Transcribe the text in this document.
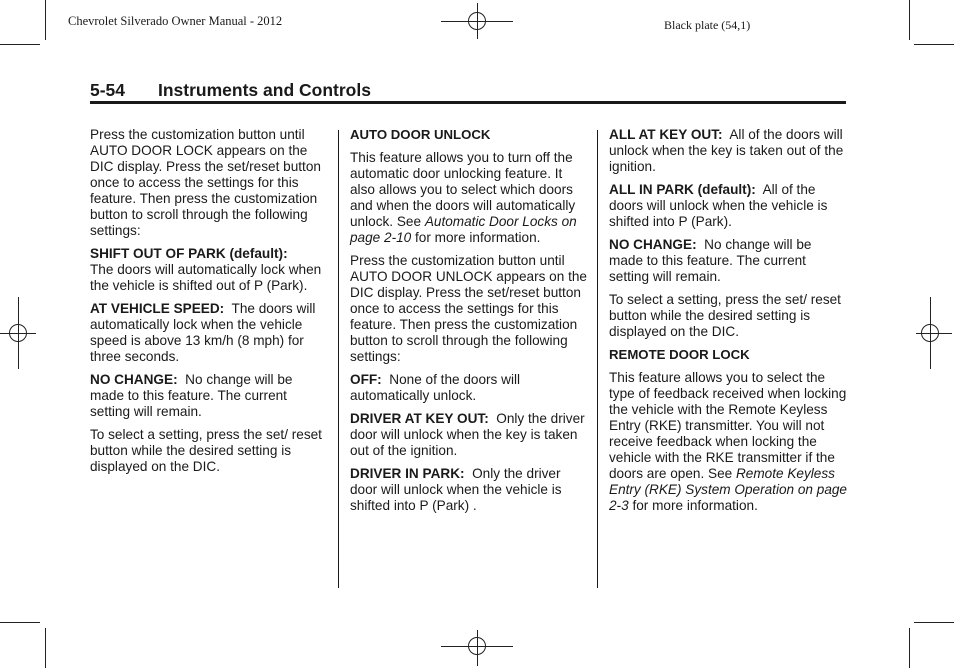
Chevrolet Silverado Owner Manual - 2012	Black plate (54,1)
5-54 Instruments and Controls

Press the customization button until AUTO DOOR LOCK appears on the DIC display. Press the set/reset button once to access the settings for this feature. Then press the customization button to scroll through the following settings:

SHIFT OUT OF PARK (default):
The doors will automatically lock when the vehicle is shifted out of P (Park).

AT VEHICLE SPEED: The doors will automatically lock when the vehicle speed is above 13 km/h (8 mph) for three seconds.

NO CHANGE: No change will be made to this feature. The current setting will remain.

To select a setting, press the set/ reset button while the desired setting is displayed on the DIC.

AUTO DOOR UNLOCK

This feature allows you to turn off the automatic door unlocking feature. It also allows you to select which doors and when the doors will automatically unlock. See Automatic Door Locks on page 2-10 for more information.

Press the customization button until AUTO DOOR UNLOCK appears on the DIC display. Press the set/reset button once to access the settings for this feature. Then press the customization button to scroll through the following settings:

OFF: None of the doors will automatically unlock.

DRIVER AT KEY OUT: Only the driver door will unlock when the key is taken out of the ignition.

DRIVER IN PARK: Only the driver door will unlock when the vehicle is shifted into P (Park) .

ALL AT KEY OUT: All of the doors will unlock when the key is taken out of the ignition.

ALL IN PARK (default): All of the doors will unlock when the vehicle is shifted into P (Park).

NO CHANGE: No change will be made to this feature. The current setting will remain.

To select a setting, press the set/ reset button while the desired setting is displayed on the DIC.

REMOTE DOOR LOCK

This feature allows you to select the type of feedback received when locking the vehicle with the Remote Keyless Entry (RKE) transmitter. You will not receive feedback when locking the vehicle with the RKE transmitter if the doors are open. See Remote Keyless Entry (RKE) System Operation on page 2-3 for more information.
